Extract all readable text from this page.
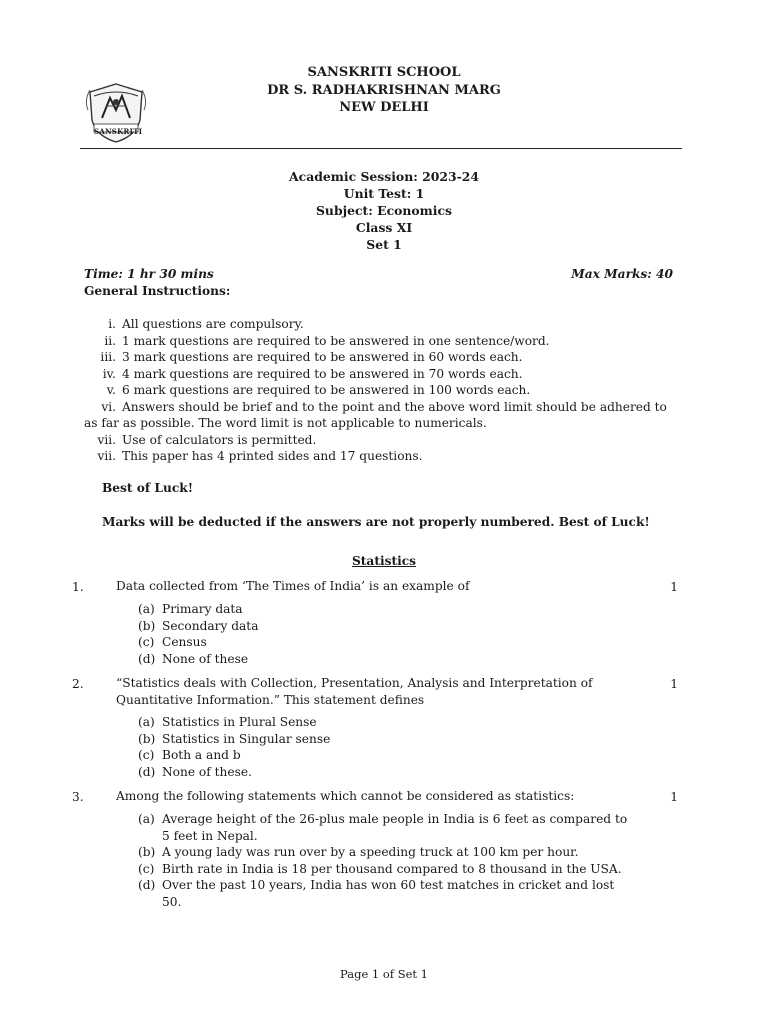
SANSKRITI
SANSKRITI SCHOOL
DR S. RADHAKRISHNAN MARG
NEW DELHI
Academic Session: 2023-24
Unit Test: 1
Subject: Economics
Class XI
Set 1
Time: 1 hr 30 mins	Max Marks: 40
General Instructions:
i. All questions are compulsory.
ii. 1 mark questions are required to be answered in one sentence/word.
iii. 3 mark questions are required to be answered in 60 words each.
iv. 4 mark questions are required to be answered in 70 words each.
v. 6 mark questions are required to be answered in 100 words each.
vi. Answers should be brief and to the point and the above word limit should be adhered to as far as possible. The word limit is not applicable to numericals.
vii. Use of calculators is permitted.
vii. This paper has 4 printed sides and 17 questions.
Best of Luck!
Marks will be deducted if the answers are not properly numbered. Best of Luck!
Statistics
1.	Data collected from ‘The Times of India’ is an example of	1
(a) Primary data
(b) Secondary data
(c) Census
(d) None of these
2.	“Statistics deals with Collection, Presentation, Analysis and Interpretation of Quantitative Information.” This statement defines
1
(a) Statistics in Plural Sense
(b) Statistics in Singular sense
(c) Both a and b
(d) None of these.
3.	Among the following statements which cannot be considered as statistics:	1
(a) Average height of the 26-plus male people in India is 6 feet as compared to 5 feet in Nepal.
(b) A young lady was run over by a speeding truck at 100 km per hour.
(c) Birth rate in India is 18 per thousand compared to 8 thousand in the USA.
(d) Over the past 10 years, India has won 60 test matches in cricket and lost 50.
Page 1 of Set 1
